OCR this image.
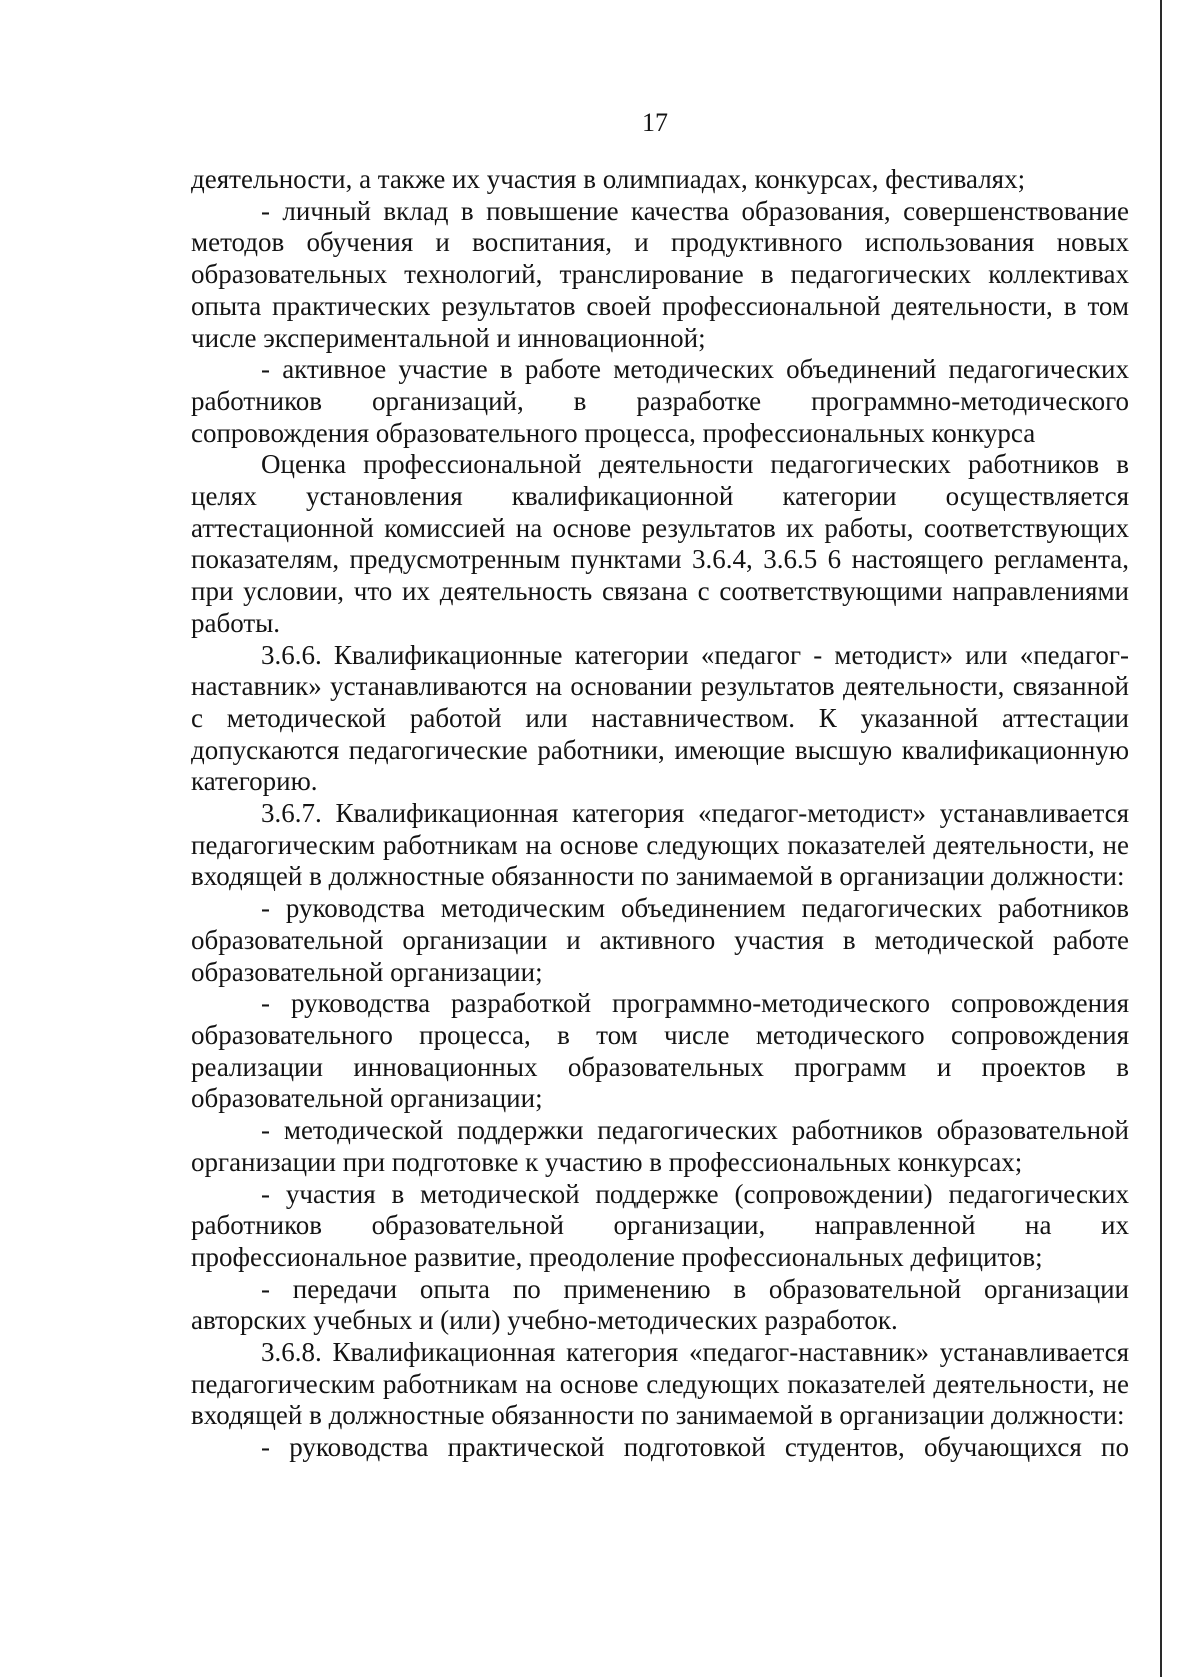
17

деятельности, а также их участия в олимпиадах, конкурсах, фестивалях;

- личный вклад в повышение качества образования, совершенствование методов обучения и воспитания, и продуктивного использования новых образовательных технологий, транслирование в педагогических коллективах опыта практических результатов своей профессиональной деятельности, в том числе экспериментальной и инновационной;

- активное участие в работе методических объединений педагогических работников организаций, в разработке программно-методического сопровождения образовательного процесса, профессиональных конкурса

Оценка профессиональной деятельности педагогических работников в целях установления квалификационной категории осуществляется аттестационной комиссией на основе результатов их работы, соответствующих показателям, предусмотренным пунктами 3.6.4, 3.6.5 6 настоящего регламента, при условии, что их деятельность связана с соответствующими направлениями работы.

3.6.6. Квалификационные категории «педагог - методист» или «педагог-наставник» устанавливаются на основании результатов деятельности, связанной с методической работой или наставничеством. К указанной аттестации допускаются педагогические работники, имеющие высшую квалификационную категорию.

3.6.7. Квалификационная категория «педагог-методист» устанавливается педагогическим работникам на основе следующих показателей деятельности, не входящей в должностные обязанности по занимаемой в организации должности:

- руководства методическим объединением педагогических работников образовательной организации и активного участия в методической работе образовательной организации;

- руководства разработкой программно-методического сопровождения образовательного процесса, в том числе методического сопровождения реализации инновационных образовательных программ и проектов в образовательной организации;

- методической поддержки педагогических работников образовательной организации при подготовке к участию в профессиональных конкурсах;

- участия в методической поддержке (сопровождении) педагогических работников образовательной организации, направленной на их профессиональное развитие, преодоление профессиональных дефицитов;

- передачи опыта по применению в образовательной организации авторских учебных и (или) учебно-методических разработок.

3.6.8. Квалификационная категория «педагог-наставник» устанавливается педагогическим работникам на основе следующих показателей деятельности, не входящей в должностные обязанности по занимаемой в организации должности:

- руководства практической подготовкой студентов, обучающихся по
